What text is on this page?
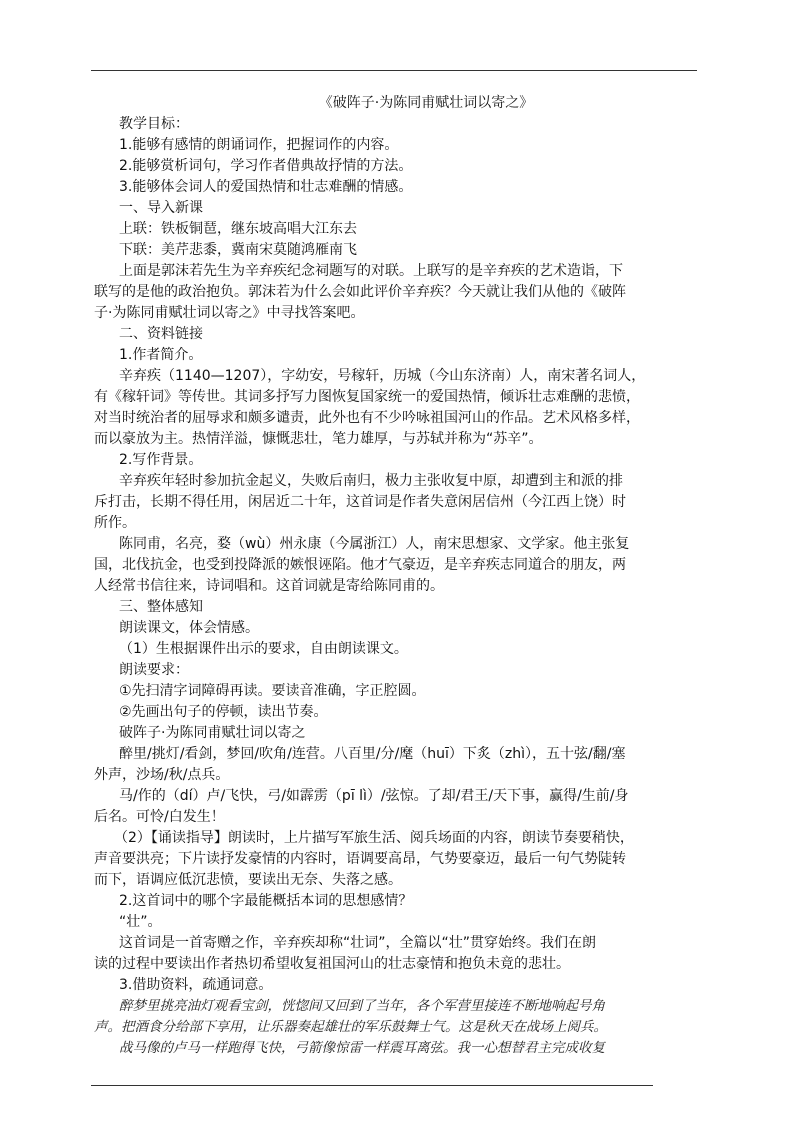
《破阵子·为陈同甫赋壮词以寄之》
教学目标：
1.能够有感情的朗诵词作，把握词作的内容。
2.能够赏析词句，学习作者借典故抒情的方法。
3.能够体会词人的爱国热情和壮志难酬的情感。
一、导入新课
上联：铁板铜琶，继东坡高唱大江东去
下联：美芹悲黍，冀南宋莫随鸿雁南飞
上面是郭沫若先生为辛弃疾纪念祠题写的对联。上联写的是辛弃疾的艺术造诣，下
联写的是他的政治抱负。郭沫若为什么会如此评价辛弃疾？今天就让我们从他的《破阵
子·为陈同甫赋壮词以寄之》中寻找答案吧。
二、资料链接
1.作者简介。
辛弃疾（1140—1207），字幼安，号稼轩，历城（今山东济南）人，南宋著名词人，
有《稼轩词》等传世。其词多抒写力图恢复国家统一的爱国热情，倾诉壮志难酬的悲愤，
对当时统治者的屈辱求和颇多谴责，此外也有不少吟咏祖国河山的作品。艺术风格多样，
而以豪放为主。热情洋溢，慷慨悲壮，笔力雄厚，与苏轼并称为“苏辛”。
2.写作背景。
辛弃疾年轻时参加抗金起义，失败后南归，极力主张收复中原，却遭到主和派的排
斥打击，长期不得任用，闲居近二十年，这首词是作者失意闲居信州（今江西上饶）时
所作。
陈同甫，名亮，婺（wù）州永康（今属浙江）人，南宋思想家、文学家。他主张复
国，北伐抗金，也受到投降派的嫉恨诬陷。他才气豪迈，是辛弃疾志同道合的朋友，两
人经常书信往来，诗词唱和。这首词就是寄给陈同甫的。
三、整体感知
朗读课文，体会情感。
（1）生根据课件出示的要求，自由朗读课文。
朗读要求：
①先扫清字词障碍再读。要读音准确，字正腔圆。
②先画出句子的停顿，读出节奏。
破阵子·为陈同甫赋壮词以寄之
醉里/挑灯/看剑，梦回/吹角/连营。八百里/分/麾（huī）下炙（zhì），五十弦/翻/塞
外声，沙场/秋/点兵。
马/作的（dí）卢/飞快，弓/如霹雳（pī lì）/弦惊。了却/君王/天下事，赢得/生前/身
后名。可怜/白发生！
（2）【诵读指导】朗读时，上片描写军旅生活、阅兵场面的内容，朗读节奏要稍快，
声音要洪亮；下片读抒发豪情的内容时，语调要高昂，气势要豪迈，最后一句气势陡转
而下，语调应低沉悲愤，要读出无奈、失落之感。
2.这首词中的哪个字最能概括本词的思想感情？
“壮”。
这首词是一首寄赠之作，辛弃疾却称“壮词”，全篇以“壮”贯穿始终。我们在朗
读的过程中要读出作者热切希望收复祖国河山的壮志豪情和抱负未竟的悲壮。
3.借助资料，疏通词意。
醉梦里挑亮油灯观看宝剑，恍惚间又回到了当年，各个军营里接连不断地响起号角
声。把酒食分给部下享用，让乐器奏起雄壮的军乐鼓舞士气。这是秋天在战场上阅兵。
战马像的卢马一样跑得飞快，弓箭像惊雷一样震耳离弦。我一心想替君主完成收复
